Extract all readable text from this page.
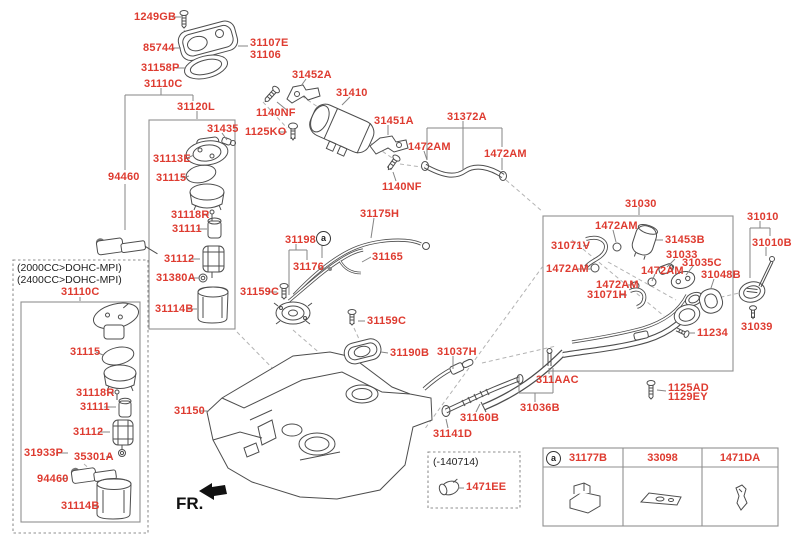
1249GB
85744	31107E
31106
31158P
31110C
31120L
94460
31435
31113E
31115
31118R
31111
31112
31380A
31114B
31452A
1140NF
1125KO
31410
31451A
1472AM
31372A
1472AM
1140NF
31175H
31198
31176
31165
31159C
31159C
31190B 31037H
31030
1472AM
31453B
31071V
1472AM
31033
31035C
1472AM
1472AM
31071H
31048B
11234
1125AD
1129EY
31010
31010B
31039
31150
311AAC
31036B
31160B
31141D
(2000CC>DOHC-MPI)
(2400CC>DOHC-MPI)
31110C
31115
31118R
31111
31112
31933P 35301A
94460
31114B
(-140714)
1471EE
a
FR.
a	31177B	33098	1471DA
